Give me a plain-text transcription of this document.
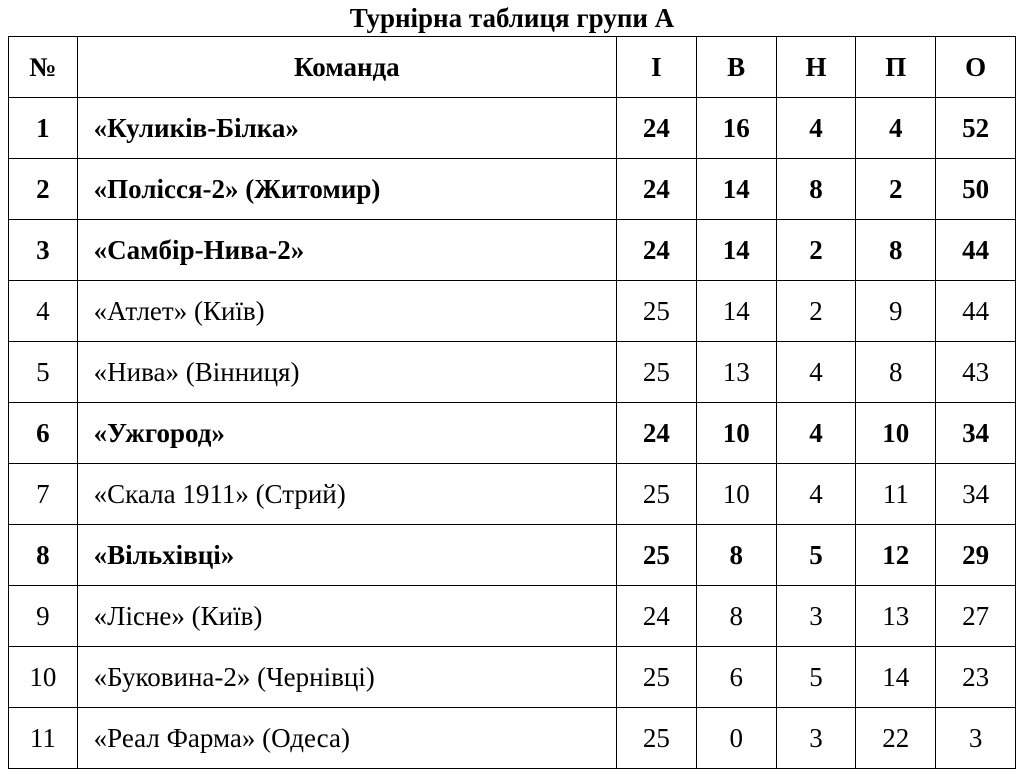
Турнірна таблиця групи А
№	Команда	І	В	Н	П	О
1	«Куликів-Білка»	24	16	4	4	52
2	«Полісся-2» (Житомир)	24	14	8	2	50
3	«Самбір-Нива-2»	24	14	2	8	44
4	«Атлет» (Київ)	25	14	2	9	44
5	«Нива» (Вінниця)	25	13	4	8	43
6	«Ужгород»	24	10	4	10	34
7	«Скала 1911» (Стрий)	25	10	4	11	34
8	«Вільхівці»	25	8	5	12	29
9	«Лісне» (Київ)	24	8	3	13	27
10	«Буковина-2» (Чернівці)	25	6	5	14	23
11	«Реал Фарма» (Одеса)	25	0	3	22	3
